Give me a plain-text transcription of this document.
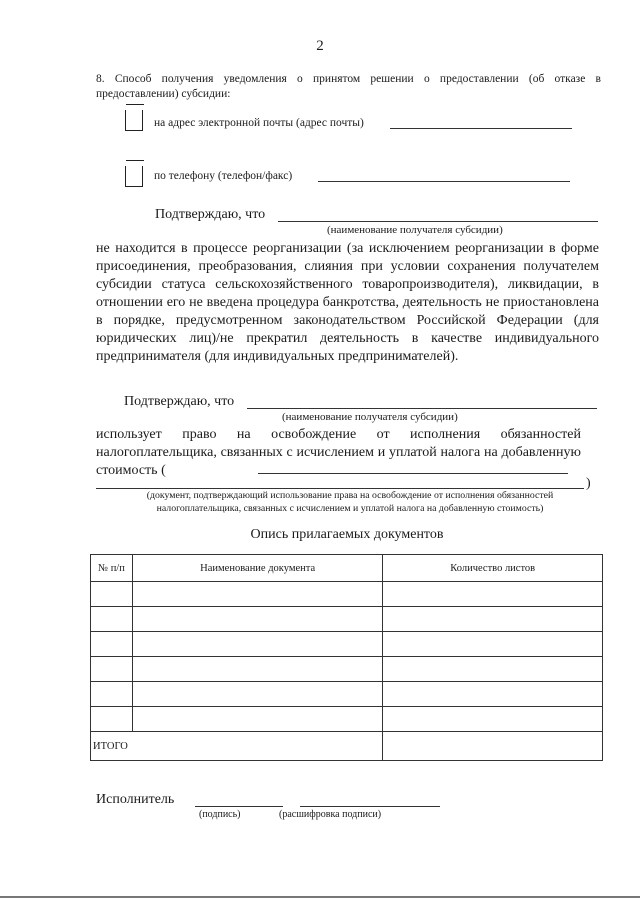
2
8. Способ получения уведомления о принятом решении о предоставлении (об отказе в предоставлении) субсидии:
на адрес электронной почты (адрес почты)
по телефону (телефон/факс)
Подтверждаю, что
(наименование получателя субсидии)
не находится в процессе реорганизации (за исключением реорганизации в форме присоединения, преобразования, слияния при условии сохранения получателем субсидии статуса сельскохозяйственного товаропроизводителя), ликвидации, в отношении его не введена процедура банкротства, деятельность не приостановлена в порядке, предусмотренном законодательством Российской Федерации (для юридических лиц)/не прекратил деятельность в качестве индивидуального предпринимателя (для индивидуальных предпринимателей).
Подтверждаю, что
(наименование получателя субсидии)
использует право на освобождение от исполнения обязанностей налогоплательщика, связанных с исчислением и уплатой налога на добавленную стоимость (
)
(документ, подтверждающий использование права на освобождение от исполнения обязанностей налогоплательщика, связанных с исчислением и уплатой налога на добавленную стоимость)
Опись прилагаемых документов
№ п/п	Наименование документа	Количество листов

ИТОГО		
Исполнитель
(подпись)	(расшифровка подписи)
